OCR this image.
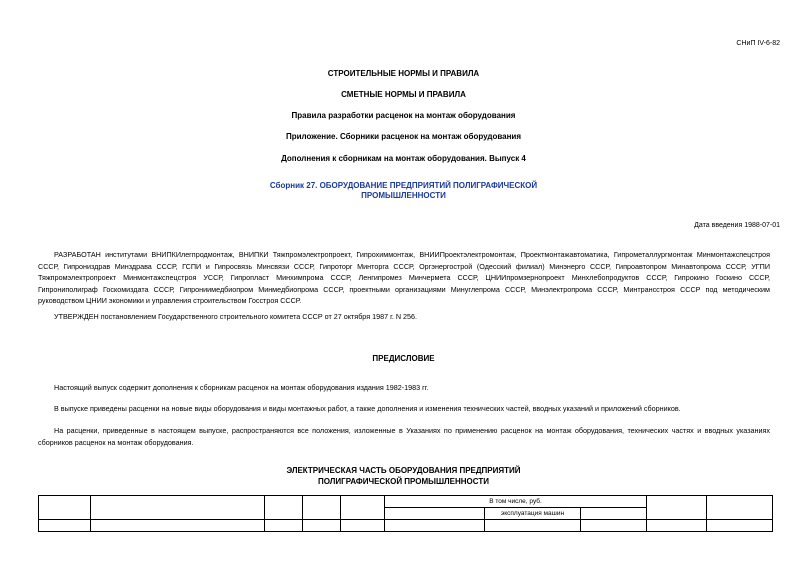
СНиП IV-6-82
СТРОИТЕЛЬНЫЕ НОРМЫ И ПРАВИЛА
СМЕТНЫЕ НОРМЫ И ПРАВИЛА
Правила разработки расценок на монтаж оборудования
Приложение. Сборники расценок на монтаж оборудования
Дополнения к сборникам на монтаж оборудования. Выпуск 4
Сборник 27. ОБОРУДОВАНИЕ ПРЕДПРИЯТИЙ ПОЛИГРАФИЧЕСКОЙ
ПРОМЫШЛЕННОСТИ
Дата введения 1988-07-01
РАЗРАБОТАН институтами ВНИПКИлегпродмонтаж, ВНИПКИ Тяжпромэлектропроект, Гипрохиммонтаж, ВНИИПроектэлектромонтаж, Проектмонтажавтоматика, Гипрометаллургмонтаж Минмонтажспецстроя
СССР, Гипрониздрав Минздрава СССР, ГСПИ и Гипросвязь Минсвязи СССР, Гипроторг Минторга СССР, Оргэнергострой (Одесский филиал) Минэнерго СССР, Гипроавтопром Минавтопрома СССР, УГПИ
Тяжпромэлектропроект Минмонтажспецстроя УССР, Гипропласт Минхимпрома СССР, Ленгипромез Минчермета СССР, ЦНИИпромзернопроект Минхлебопродуктов СССР, Гипрокино Госкино СССР,
Гипрониполиграф Госкомиздата СССР, Гипрониимедбиопром Минмедбиопрома СССР, проектными организациями Минуглепрома СССР, Минэлектропрома СССР, Минтрансстроя СССР под методическим
руководством ЦНИИ экономики и управления строительством Госстроя СССР.
УТВЕРЖДЕН постановлением Государственного строительного комитета СССР от 27 октября 1987 г. N 256.
ПРЕДИСЛОВИЕ
Настоящий выпуск содержит дополнения к сборникам расценок на монтаж оборудования издания 1982-1983 гг.
В выпуске приведены расценки на новые виды оборудования и виды монтажных работ, а также дополнения и изменения технических частей, вводных указаний и приложений сборников.
На расценки, приведенные в настоящем выпуске, распространяются все положения, изложенные в Указаниях по применению расценок на монтаж оборудования, технических частях и вводных указаниях
сборников расценок на монтаж оборудования.
ЭЛЕКТРИЧЕСКАЯ ЧАСТЬ ОБОРУДОВАНИЯ ПРЕДПРИЯТИЙ
ПОЛИГРАФИЧЕСКОЙ ПРОМЫШЛЕННОСТИ
					В том числе, руб.				
						эксплуатация машин			
